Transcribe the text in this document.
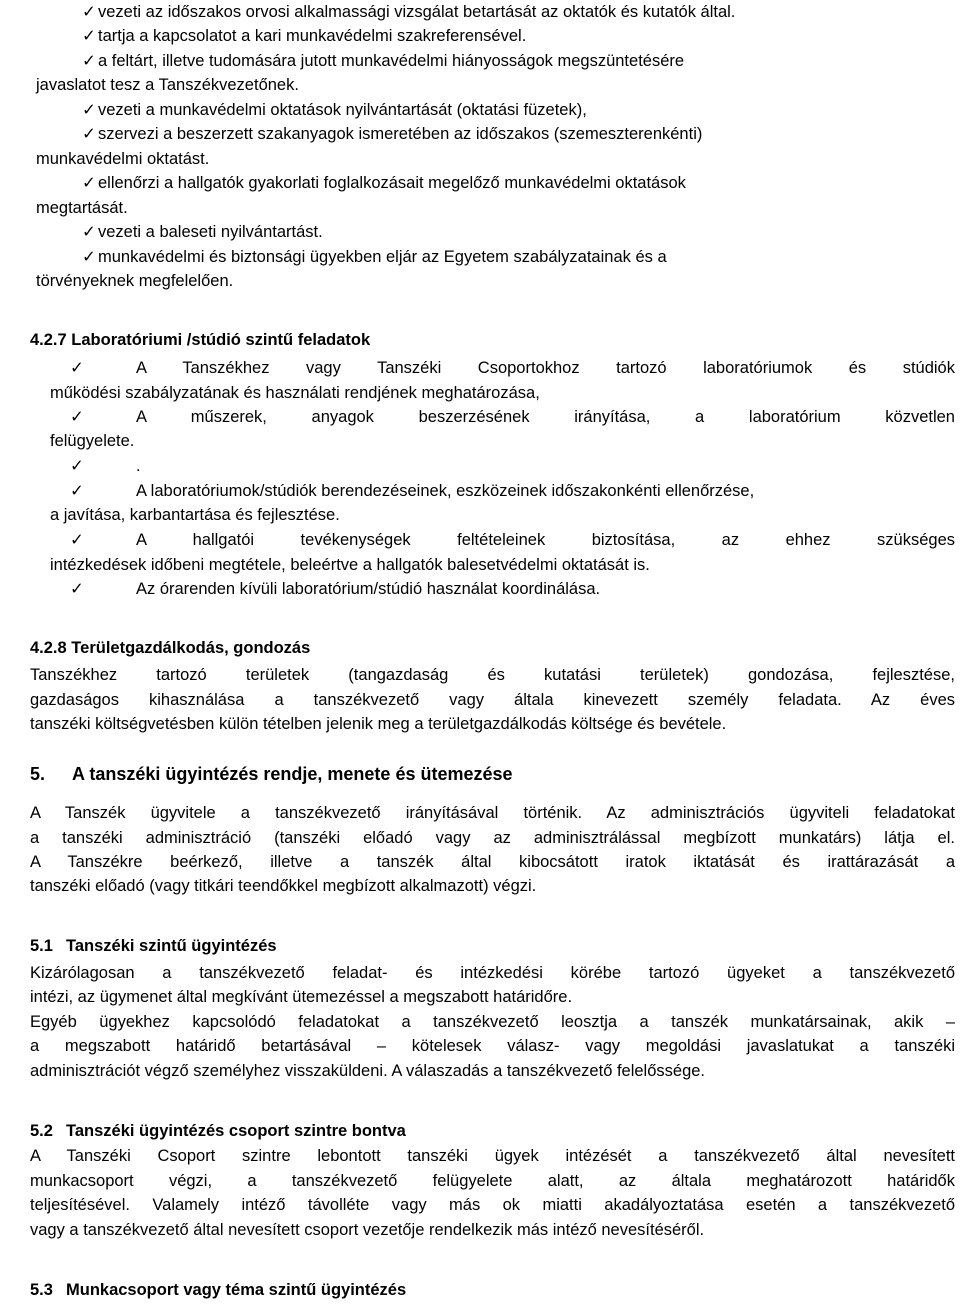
✓ vezeti az időszakos orvosi alkalmassági vizsgálat betartását az oktatók és kutatók által.
✓ tartja a kapcsolatot a kari munkavédelmi szakreferensével.
✓ a feltárt, illetve tudomására jutott munkavédelmi hiányosságok megszüntetésére
javaslatot tesz a Tanszékvezetőnek.
✓ vezeti a munkavédelmi oktatások nyilvántartását (oktatási füzetek),
✓ szervezi a beszerzett szakanyagok ismeretében az időszakos (szemeszterenkénti)
munkavédelmi oktatást.
✓ ellenőrzi a hallgatók gyakorlati foglalkozásait megelőző munkavédelmi oktatások
megtartását.
✓ vezeti a baleseti nyilvántartást.
✓ munkavédelmi és biztonsági ügyekben eljár az Egyetem szabályzatainak és a
törvényeknek megfelelően.
4.2.7 Laboratóriumi /stúdió szintű feladatok
✓	A Tanszékhez vagy Tanszéki Csoportokhoz tartozó laboratóriumok és stúdiók
működési szabályzatának és használati rendjének meghatározása,
✓	A műszerek, anyagok beszerzésének irányítása, a laboratórium közvetlen
felügyelete.
✓	.
✓	A laboratóriumok/stúdiók berendezéseinek, eszközeinek időszakonkénti ellenőrzése,
a javítása, karbantartása és fejlesztése.
✓	A hallgatói tevékenységek feltételeinek biztosítása, az ehhez szükséges
intézkedések időbeni megtétele, beleértve a hallgatók balesetvédelmi oktatását is.
✓	Az órarenden kívüli laboratórium/stúdió használat koordinálása.
4.2.8 Területgazdálkodás, gondozás
Tanszékhez tartozó területek (tangazdaság és kutatási területek) gondozása, fejlesztése,
gazdaságos kihasználása a tanszékvezető vagy általa kinevezett személy feladata. Az éves
tanszéki költségvetésben külön tételben jelenik meg a területgazdálkodás költsége és bevétele.
5. A tanszéki ügyintézés rendje, menete és ütemezése
A Tanszék ügyvitele a tanszékvezető irányításával történik. Az adminisztrációs ügyviteli feladatokat
a tanszéki adminisztráció (tanszéki előadó vagy az adminisztrálással megbízott munkatárs) látja el.
A Tanszékre beérkező, illetve a tanszék által kibocsátott iratok iktatását és irattárazását a
tanszéki előadó (vagy titkári teendőkkel megbízott alkalmazott) végzi.
5.1 Tanszéki szintű ügyintézés
Kizárólagosan a tanszékvezető feladat- és intézkedési körébe tartozó ügyeket a tanszékvezető
intézi, az ügymenet által megkívánt ütemezéssel a megszabott határidőre.
Egyéb ügyekhez kapcsolódó feladatokat a tanszékvezető leosztja a tanszék munkatársainak, akik –
a megszabott határidő betartásával – kötelesek válasz- vagy megoldási javaslatukat a tanszéki
adminisztrációt végző személyhez visszaküldeni. A válaszadás a tanszékvezető felelőssége.
5.2 Tanszéki ügyintézés csoport szintre bontva
A Tanszéki Csoport szintre lebontott tanszéki ügyek intézését a tanszékvezető által nevesített
munkacsoport végzi, a tanszékvezető felügyelete alatt, az általa meghatározott határidők
teljesítésével. Valamely intéző távolléte vagy más ok miatti akadályoztatása esetén a tanszékvezető
vagy a tanszékvezető által nevesített csoport vezetője rendelkezik más intéző nevesítéséről.
5.3 Munkacsoport vagy téma szintű ügyintézés
